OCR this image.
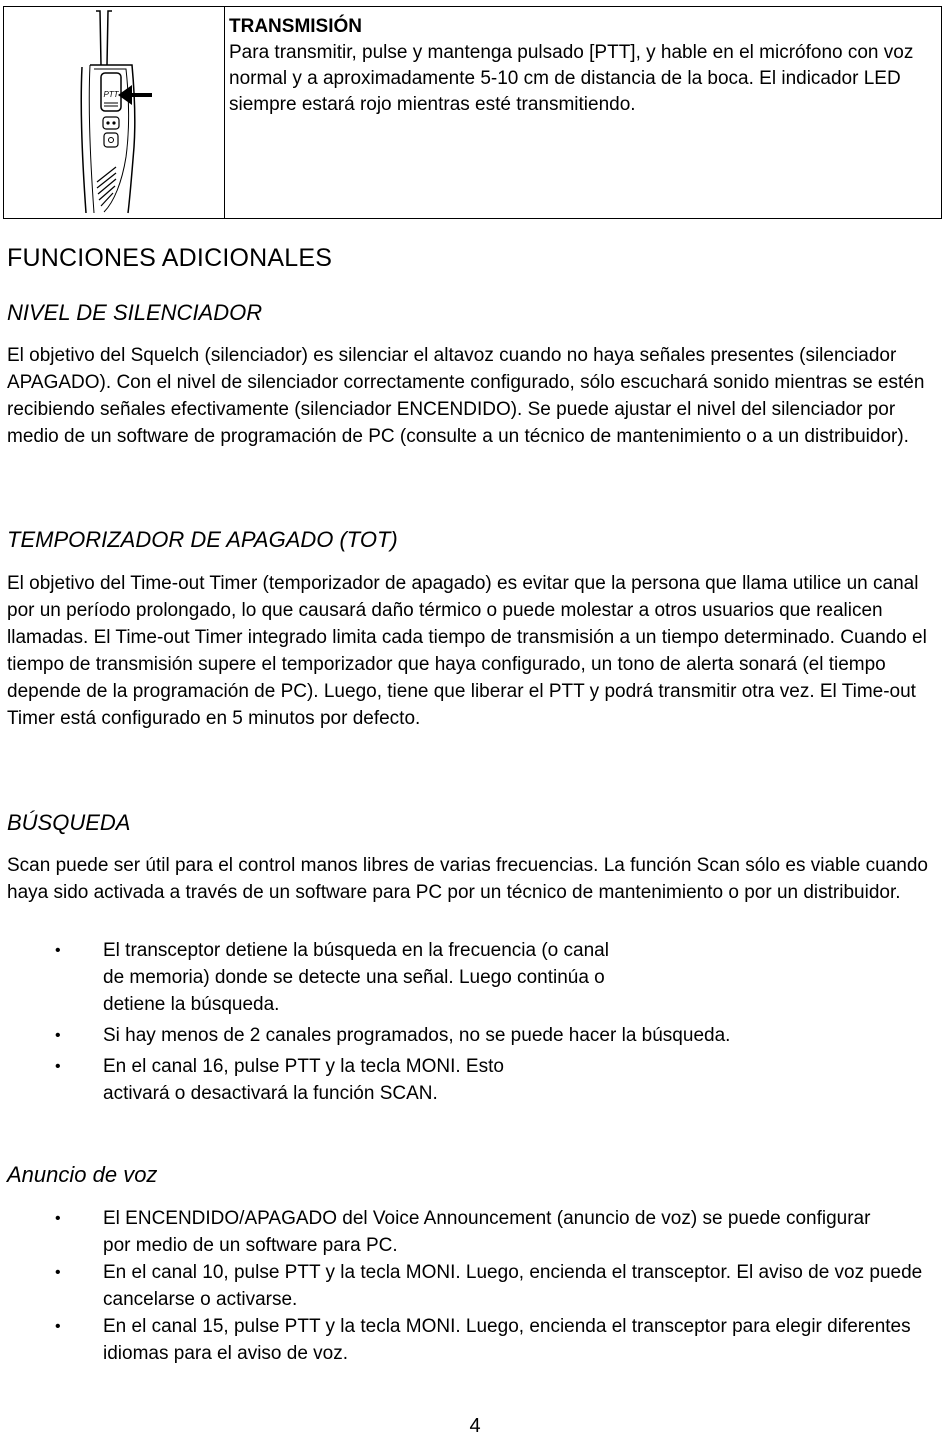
PTT
TRANSMISIÓN
Para transmitir, pulse y mantenga pulsado [PTT], y hable en el micrófono con voz normal y a aproximadamente 5-10 cm de distancia de la boca. El indicador LED siempre estará rojo mientras esté transmitiendo.
FUNCIONES ADICIONALES
NIVEL DE SILENCIADOR

El objetivo del Squelch (silenciador) es silenciar el altavoz cuando no haya señales presentes (silenciador APAGADO). Con el nivel de silenciador correctamente configurado, sólo escuchará sonido mientras se estén recibiendo señales efectivamente (silenciador ENCENDIDO). Se puede ajustar el nivel del silenciador por medio de un software de programación de PC (consulte a un técnico de mantenimiento o a un distribuidor).

TEMPORIZADOR DE APAGADO (TOT)

El objetivo del Time-out Timer (temporizador de apagado) es evitar que la persona que llama utilice un canal por un período prolongado, lo que causará daño térmico o puede molestar a otros usuarios que realicen llamadas. El Time-out Timer integrado limita cada tiempo de transmisión a un tiempo determinado. Cuando el tiempo de transmisión supere el temporizador que haya configurado, un tono de alerta sonará (el tiempo depende de la programación de PC). Luego, tiene que liberar el PTT y podrá transmitir otra vez. El Time-out Timer está configurado en 5 minutos por defecto.

BÚSQUEDA

Scan puede ser útil para el control manos libres de varias frecuencias. La función Scan sólo es viable cuando haya sido activada a través de un software para PC por un técnico de mantenimiento o por un distribuidor.

• El transceptor detiene la búsqueda en la frecuencia (o canal de memoria) donde se detecte una señal. Luego continúa o detiene la búsqueda.
• Si hay menos de 2 canales programados, no se puede hacer la búsqueda.
• En el canal 16, pulse PTT y la tecla MONI. Esto activará o desactivará la función SCAN.
Anuncio de voz
• El ENCENDIDO/APAGADO del Voice Announcement (anuncio de voz) se puede configurar por medio de un software para PC.
• En el canal 10, pulse PTT y la tecla MONI. Luego, encienda el transceptor. El aviso de voz puede cancelarse o activarse.
• En el canal 15, pulse PTT y la tecla MONI. Luego, encienda el transceptor para elegir diferentes idiomas para el aviso de voz.
4
